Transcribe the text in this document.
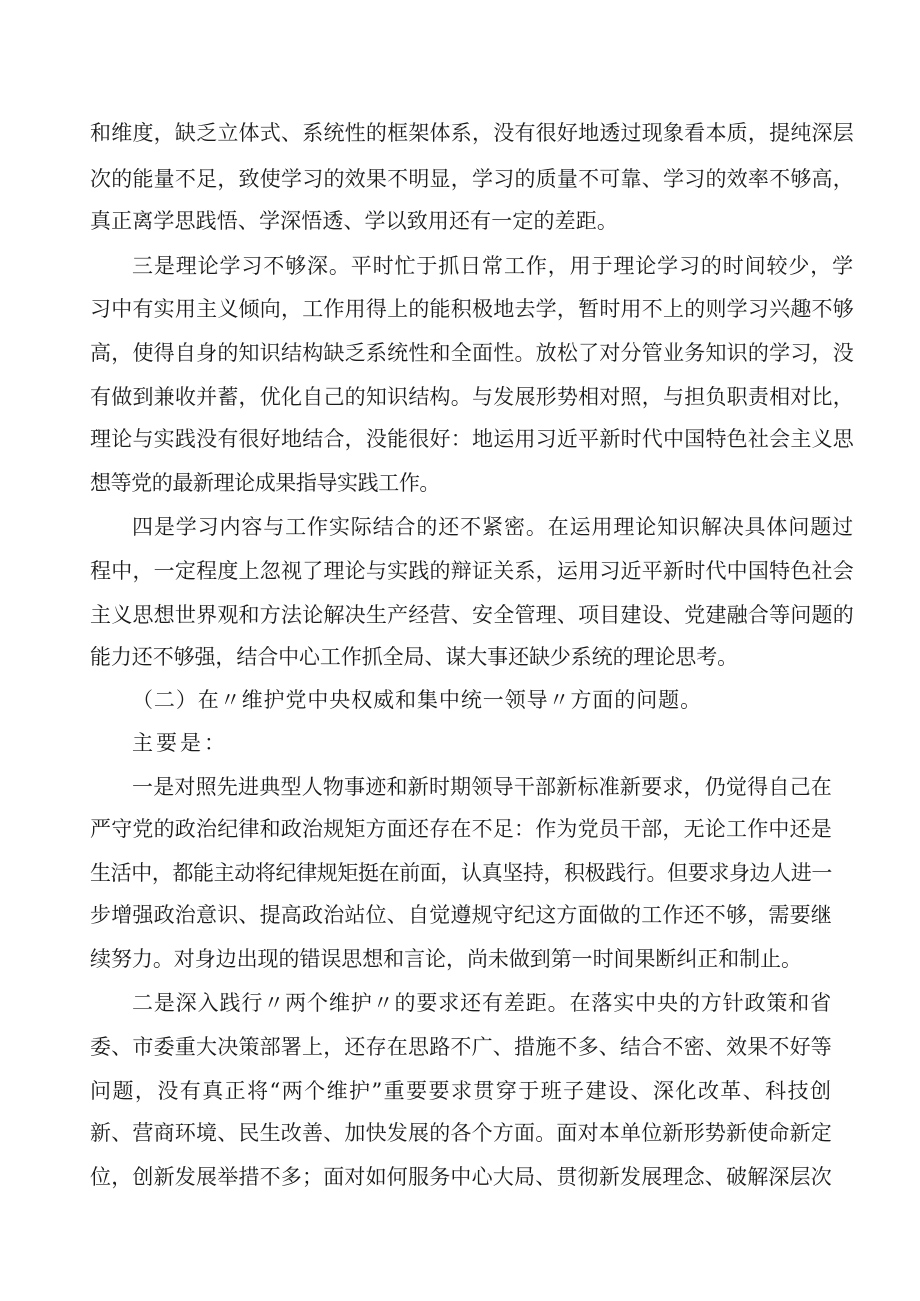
和维度，缺乏立体式、系统性的框架体系，没有很好地透过现象看本质，提纯深层
次的能量不足，致使学习的效果不明显，学习的质量不可靠、学习的效率不够高，
真正离学思践悟、学深悟透、学以致用还有一定的差距。
三是理论学习不够深。平时忙于抓日常工作，用于理论学习的时间较少，学
习中有实用主义倾向，工作用得上的能积极地去学，暂时用不上的则学习兴趣不够
高，使得自身的知识结构缺乏系统性和全面性。放松了对分管业务知识的学习，没
有做到兼收并蓄，优化自己的知识结构。与发展形势相对照，与担负职责相对比，
理论与实践没有很好地结合，没能很好：地运用习近平新时代中国特色社会主义思
想等党的最新理论成果指导实践工作。
四是学习内容与工作实际结合的还不紧密。在运用理论知识解决具体问题过
程中，一定程度上忽视了理论与实践的辩证关系，运用习近平新时代中国特色社会
主义思想世界观和方法论解决生产经营、安全管理、项目建设、党建融合等问题的
能力还不够强，结合中心工作抓全局、谋大事还缺少系统的理论思考。
（二）在〃维护党中央权威和集中统一领导〃方面的问题。
主要是：
一是对照先进典型人物事迹和新时期领导干部新标准新要求，仍觉得自己在
严守党的政治纪律和政治规矩方面还存在不足：作为党员干部，无论工作中还是
生活中，都能主动将纪律规矩挺在前面，认真坚持，积极践行。但要求身边人进一
步增强政治意识、提高政治站位、自觉遵规守纪这方面做的工作还不够，需要继
续努力。对身边出现的错误思想和言论，尚未做到第一时间果断纠正和制止。
二是深入践行〃两个维护〃的要求还有差距。在落实中央的方针政策和省
委、市委重大决策部署上，还存在思路不广、措施不多、结合不密、效果不好等
问题，没有真正将“两个维护”重要要求贯穿于班子建设、深化改革、科技创
新、营商环境、民生改善、加快发展的各个方面。面对本单位新形势新使命新定
位，创新发展举措不多；面对如何服务中心大局、贯彻新发展理念、破解深层次
